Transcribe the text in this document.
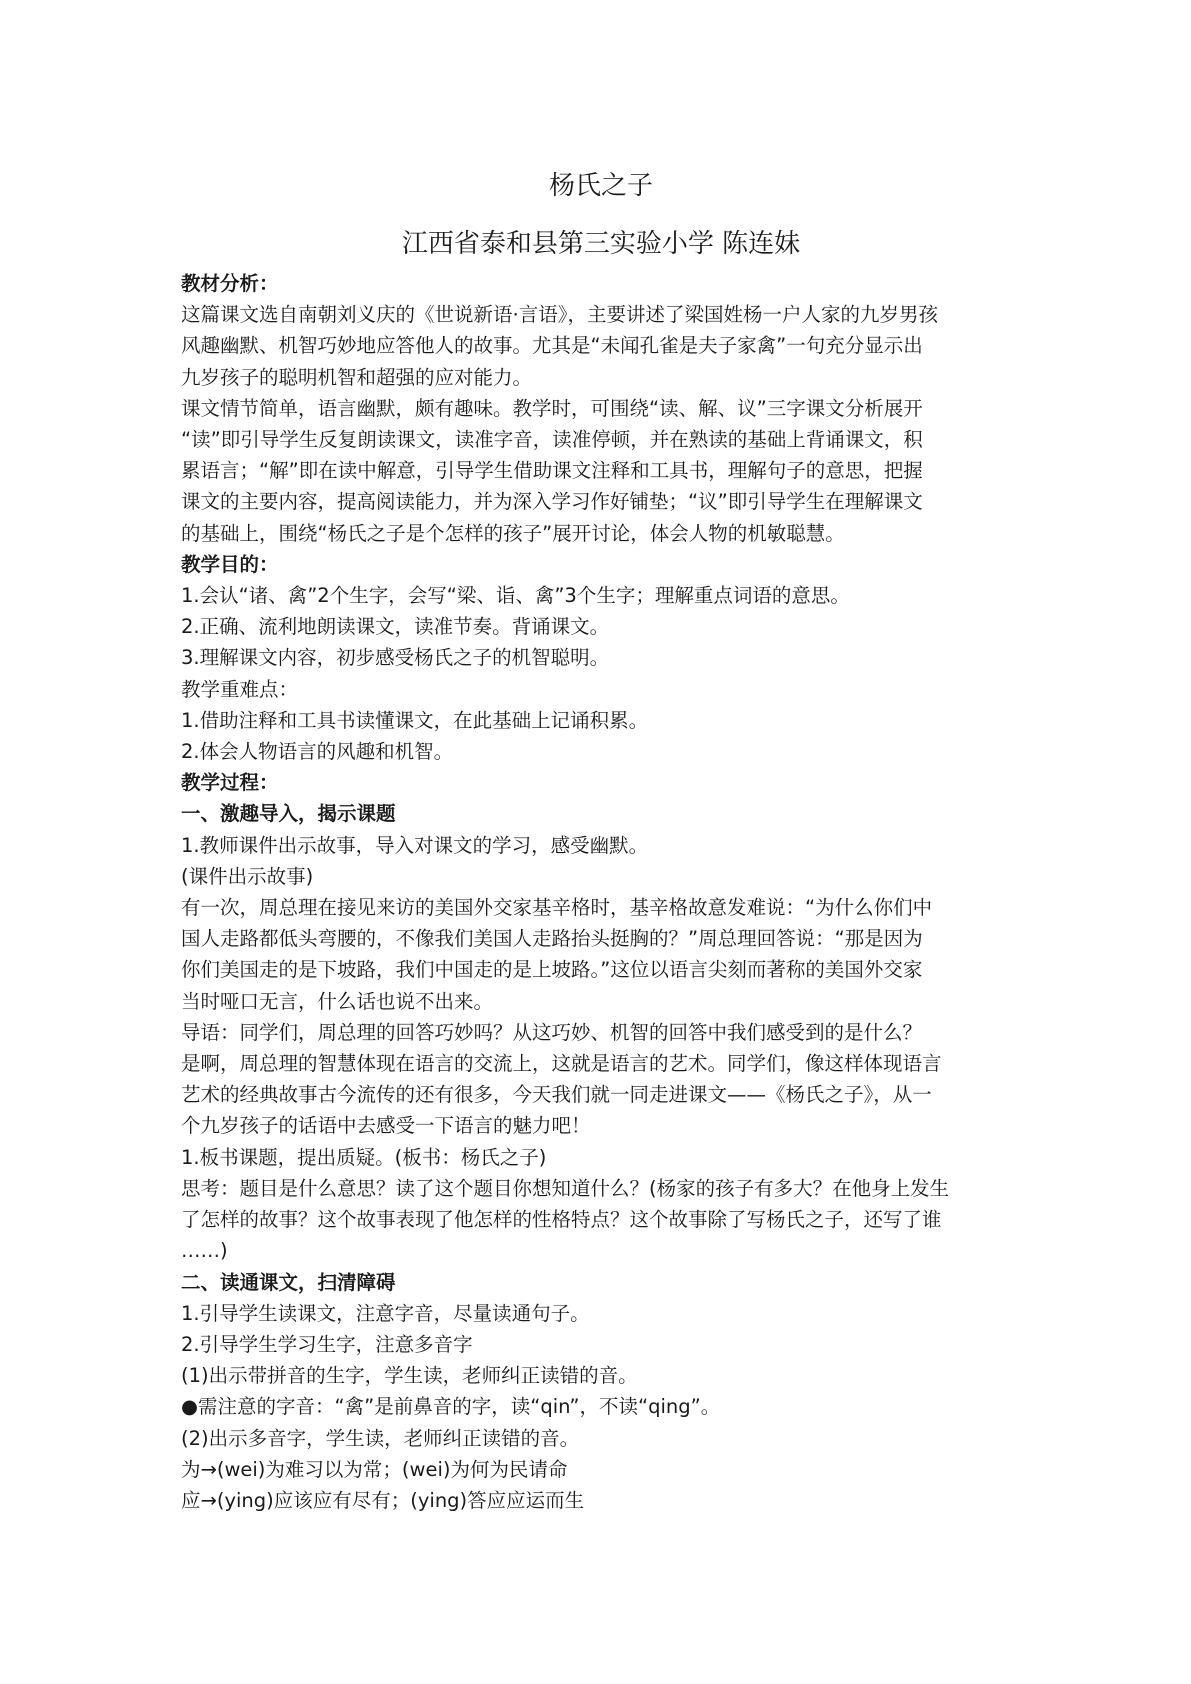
杨氏之子
江西省泰和县第三实验小学 陈连妹

教材分析：

这篇课文选自南朝刘义庆的《世说新语·言语》，主要讲述了梁国姓杨一户人家的九岁男孩

风趣幽默、机智巧妙地应答他人的故事。尤其是“未闻孔雀是夫子家禽”一句充分显示出

九岁孩子的聪明机智和超强的应对能力。

课文情节简单，语言幽默，颇有趣味。教学时，可围绕“读、解、议”三字课文分析展开

“读”即引导学生反复朗读课文，读准字音，读准停顿，并在熟读的基础上背诵课文，积

累语言；“解”即在读中解意，引导学生借助课文注释和工具书，理解句子的意思，把握

课文的主要内容，提高阅读能力，并为深入学习作好铺垫；“议”即引导学生在理解课文

的基础上，围绕“杨氏之子是个怎样的孩子”展开讨论，体会人物的机敏聪慧。

教学目的：

1.会认“诸、禽”2个生字，会写“梁、诣、禽”3个生字；理解重点词语的意思。

2.正确、流利地朗读课文，读准节奏。背诵课文。

3.理解课文内容，初步感受杨氏之子的机智聪明。

教学重难点：

1.借助注释和工具书读懂课文，在此基础上记诵积累。

2.体会人物语言的风趣和机智。

教学过程：

一、激趣导入，揭示课题

1.教师课件出示故事，导入对课文的学习，感受幽默。

(课件出示故事)

有一次，周总理在接见来访的美国外交家基辛格时，基辛格故意发难说：“为什么你们中

国人走路都低头弯腰的，不像我们美国人走路抬头挺胸的？”周总理回答说：“那是因为

你们美国走的是下坡路，我们中国走的是上坡路。”这位以语言尖刻而著称的美国外交家

当时哑口无言，什么话也说不出来。

导语：同学们，周总理的回答巧妙吗？从这巧妙、机智的回答中我们感受到的是什么？

是啊，周总理的智慧体现在语言的交流上，这就是语言的艺术。同学们，像这样体现语言

艺术的经典故事古今流传的还有很多，今天我们就一同走进课文——《杨氏之子》，从一

个九岁孩子的话语中去感受一下语言的魅力吧！

1.板书课题，提出质疑。(板书：杨氏之子)

思考：题目是什么意思？读了这个题目你想知道什么？(杨家的孩子有多大？在他身上发生

了怎样的故事？这个故事表现了他怎样的性格特点？这个故事除了写杨氏之子，还写了谁

……)

二、读通课文，扫清障碍

1.引导学生读课文，注意字音，尽量读通句子。

2.引导学生学习生字，注意多音字

(1)出示带拼音的生字，学生读，老师纠正读错的音。

●需注意的字音：“禽”是前鼻音的字，读“qin”，不读“qing”。

(2)出示多音字，学生读，老师纠正读错的音。

为→(wei)为难习以为常；(wei)为何为民请命

应→(ying)应该应有尽有；(ying)答应应运而生
